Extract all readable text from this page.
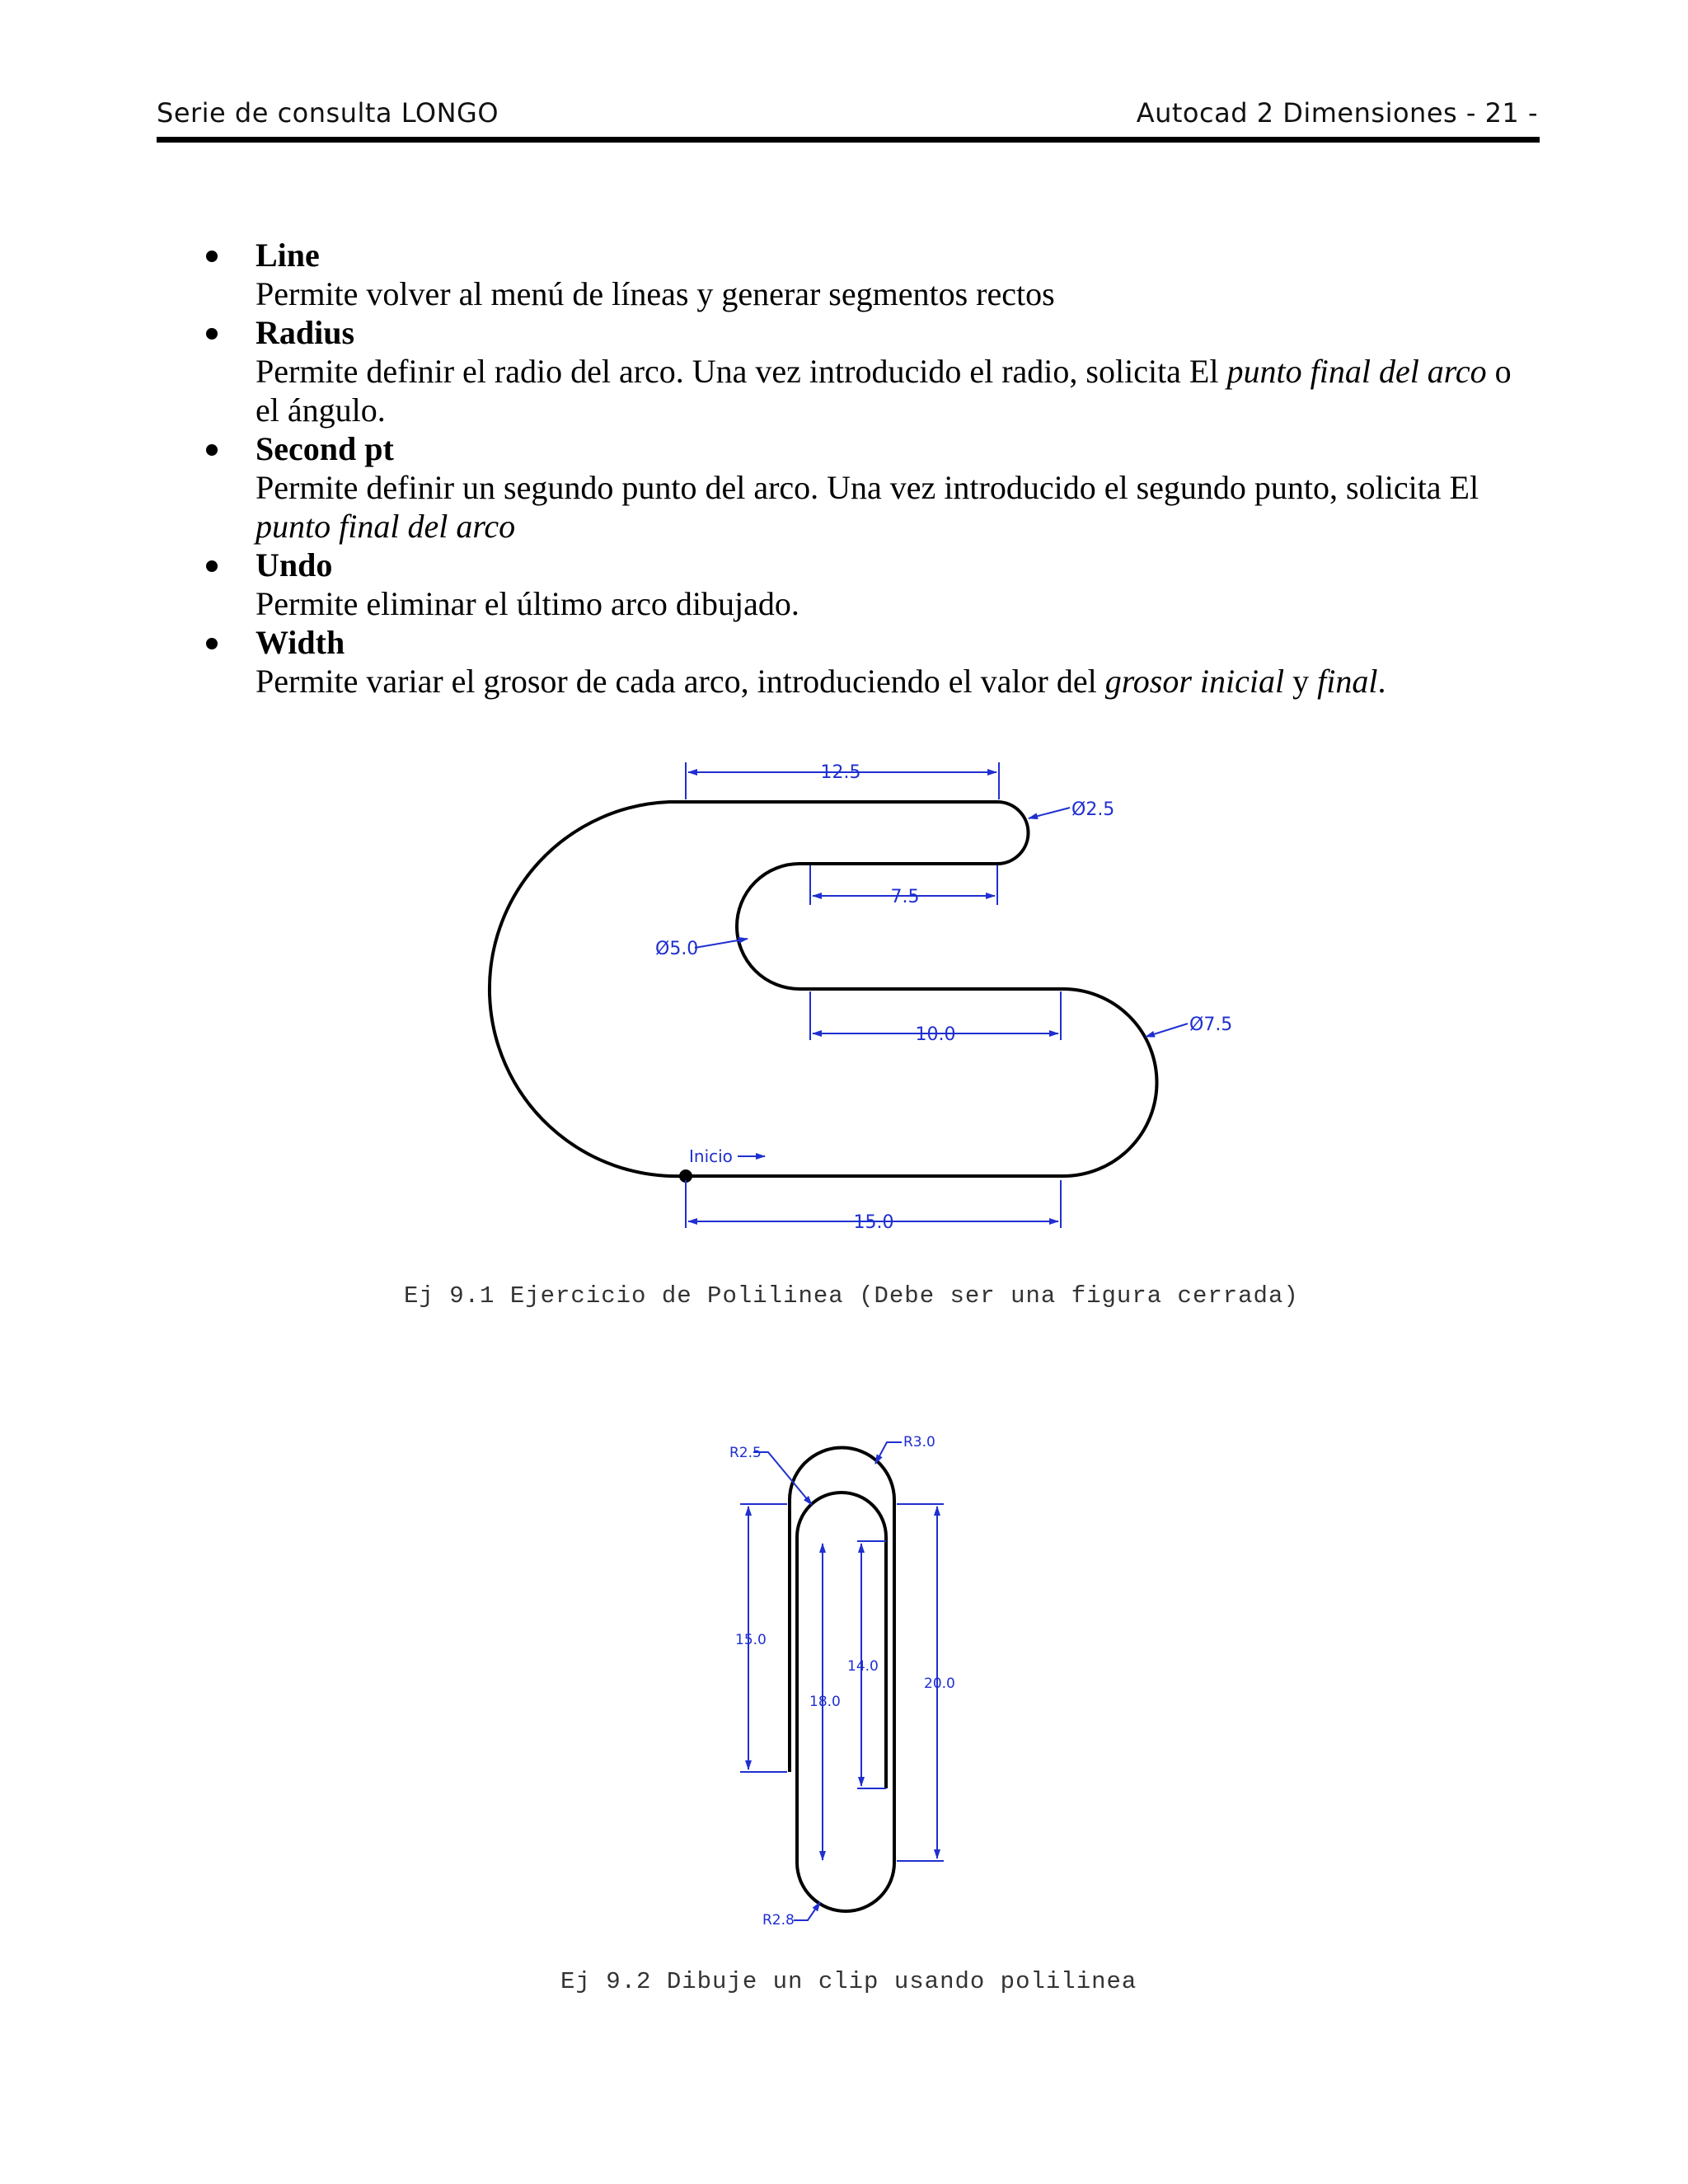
Serie de consulta LONGO	Autocad 2 Dimensiones - 21 -
Line
Permite volver al menú de líneas y generar segmentos rectos
Radius
Permite definir el radio del arco. Una vez introducido el radio, solicita El punto final del arco o el ángulo.
Second pt
Permite definir un segundo punto del arco. Una vez introducido el segundo punto, solicita El punto final del arco
Undo
Permite eliminar el último arco dibujado.
Width
Permite variar el grosor de cada arco, introduciendo el valor del grosor inicial y final.
12.5
7.5
10.0
15.0
Ø2.5
Ø5.0
Ø7.5
Inicio
R2.5
R3.0
R2.8
15.0
18.0
14.0
20.0
Ej 9.1 Ejercicio de Polilinea (Debe ser una figura cerrada)
Ej 9.2 Dibuje un clip usando polilinea
